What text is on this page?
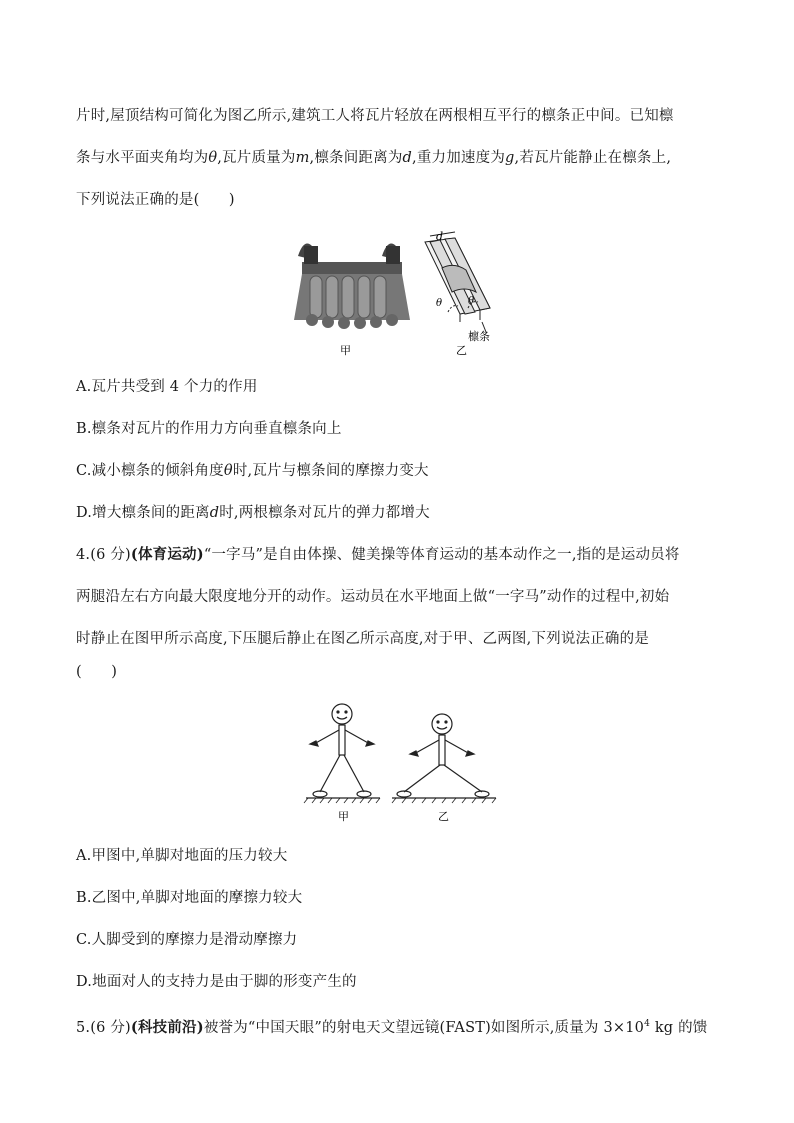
片时,屋顶结构可简化为图乙所示,建筑工人将瓦片轻放在两根相互平行的檩条正中间。已知檩
条与水平面夹角均为θ,瓦片质量为m,檩条间距离为d,重力加速度为g,若瓦片能静止在檩条上,
下列说法正确的是(　　)
d
θ	θ
檩条
甲	乙
A.瓦片共受到 4 个力的作用
B.檩条对瓦片的作用力方向垂直檩条向上
C.减小檩条的倾斜角度θ时,瓦片与檩条间的摩擦力变大
D.增大檩条间的距离d时,两根檩条对瓦片的弹力都增大
4.(6 分)(体育运动)“一字马”是自由体操、健美操等体育运动的基本动作之一,指的是运动员将
两腿沿左右方向最大限度地分开的动作。运动员在水平地面上做“一字马”动作的过程中,初始
时静止在图甲所示高度,下压腿后静止在图乙所示高度,对于甲、乙两图,下列说法正确的是
(　　)
甲	乙
A.甲图中,单脚对地面的压力较大
B.乙图中,单脚对地面的摩擦力较大
C.人脚受到的摩擦力是滑动摩擦力
D.地面对人的支持力是由于脚的形变产生的
5.(6 分)(科技前沿)被誉为“中国天眼”的射电天文望远镜(FAST)如图所示,质量为 $3\times 10^4$ kg 的馈
